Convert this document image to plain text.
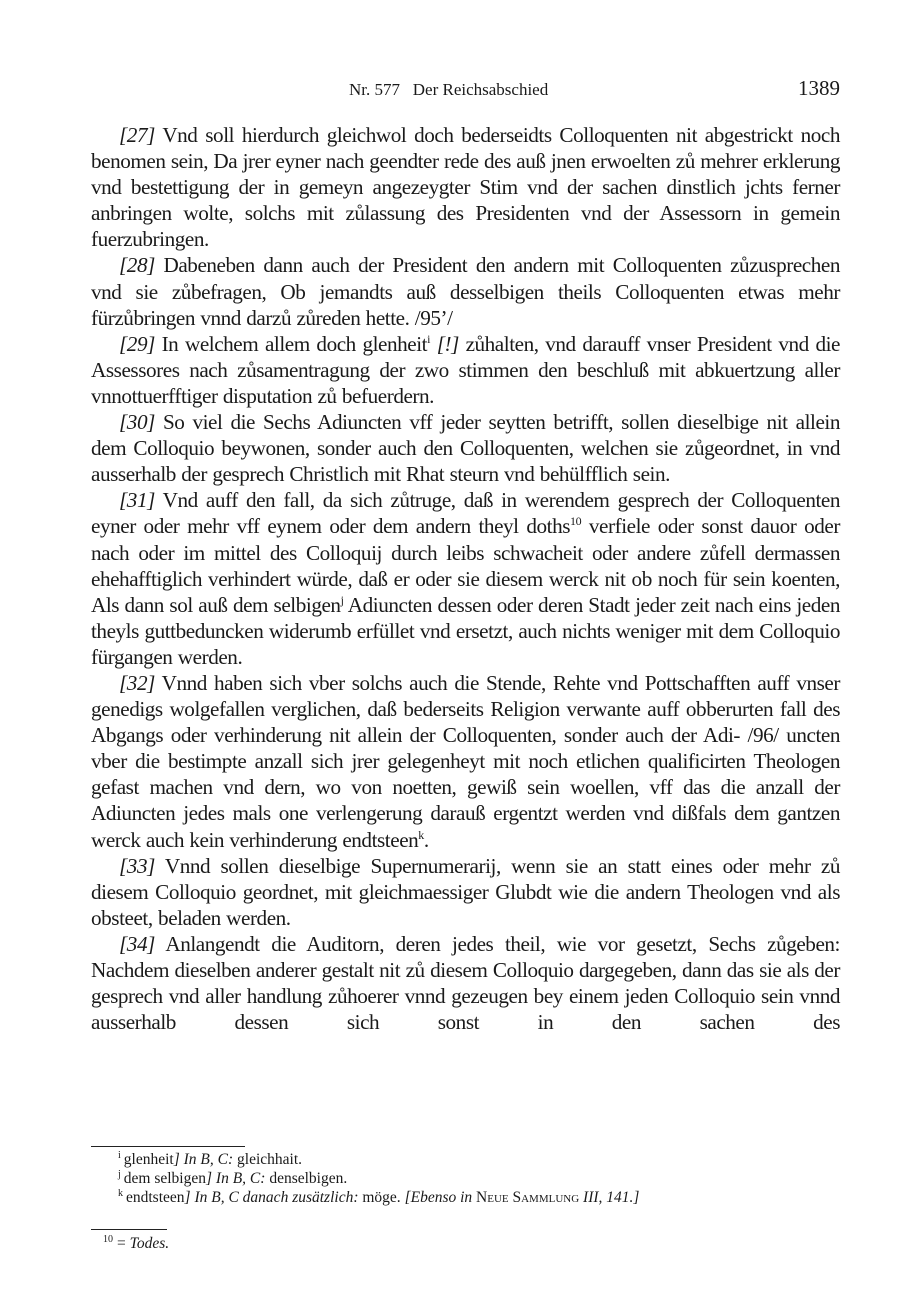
Nr. 577 Der Reichsabschied	1389

[27] Vnd soll hierdurch gleichwol doch bederseidts Colloquenten nit abgestrickt noch benomen sein, Da jrer eyner nach geendter rede des auß jnen erwoelten zů mehrer erklerung vnd bestettigung der in gemeyn angezeygter Stim vnd der sachen dinstlich jchts ferner anbringen wolte, solchs mit zůlassung des Presidenten vnd der Assessorn in gemein fuerzubringen.

[28] Dabeneben dann auch der President den andern mit Colloquenten zůzusprechen vnd sie zůbefragen, Ob jemandts auß desselbigen theils Colloquenten etwas mehr fürzůbringen vnnd darzů zůreden hette. /95’/

[29] In welchem allem doch glenheit$^i$ [!] zůhalten, vnd darauff vnser President vnd die Assessores nach zůsamentragung der zwo stimmen den beschluß mit abkuertzung aller vnnottuerfftiger disputation zů befuerdern.

[30] So viel die Sechs Adiuncten vff jeder seytten betrifft, sollen dieselbige nit allein dem Colloquio beywonen, sonder auch den Colloquenten, welchen sie zůgeordnet, in vnd ausserhalb der gesprech Christlich mit Rhat steurn vnd behülfflich sein.

[31] Vnd auff den fall, da sich zůtruge, daß in werendem gesprech der Colloquenten eyner oder mehr vff eynem oder dem andern theyl doths$^{10}$ verfiele oder sonst dauor oder nach oder im mittel des Colloquij durch leibs schwacheit oder andere zůfell dermassen ehehafftiglich verhindert würde, daß er oder sie diesem werck nit ob noch für sein koenten, Als dann sol auß dem selbigen$^j$ Adiuncten dessen oder deren Stadt jeder zeit nach eins jeden theyls guttbeduncken widerumb erfüllet vnd ersetzt, auch nichts weniger mit dem Colloquio fürgangen werden.

[32] Vnnd haben sich vber solchs auch die Stende, Rehte vnd Pottschafften auff vnser genedigs wolgefallen verglichen, daß bederseits Religion verwante auff obberurten fall des Abgangs oder verhinderung nit allein der Colloquenten, sonder auch der Adi- /96/ uncten vber die bestimpte anzall sich jrer gelegenheyt mit noch etlichen qualificirten Theologen gefast machen vnd dern, wo von noetten, gewiß sein woellen, vff das die anzall der Adiuncten jedes mals one verlengerung darauß ergentzt werden vnd dißfals dem gantzen werck auch kein verhinderung endtsteen$^k$.

[33] Vnnd sollen dieselbige Supernumerarij, wenn sie an statt eines oder mehr zů diesem Colloquio geordnet, mit gleichmaessiger Glubdt wie die andern Theologen vnd als obsteet, beladen werden.

[34] Anlangendt die Auditorn, deren jedes theil, wie vor gesetzt, Sechs zůgeben: Nachdem dieselben anderer gestalt nit zů diesem Colloquio dargegeben, dann das sie als der gesprech vnd aller handlung zůhoerer vnnd gezeugen bey einem jeden Colloquio sein vnnd ausserhalb dessen sich sonst in den sachen des

$^i$ glenheit] In B, C: gleichhait.

$^j$ dem selbigen] In B, C: denselbigen.

$^k$ endtsteen] In B, C danach zusätzlich: möge. [Ebenso in Neue Sammlung III, 141.]

$^{10}$ = Todes.
